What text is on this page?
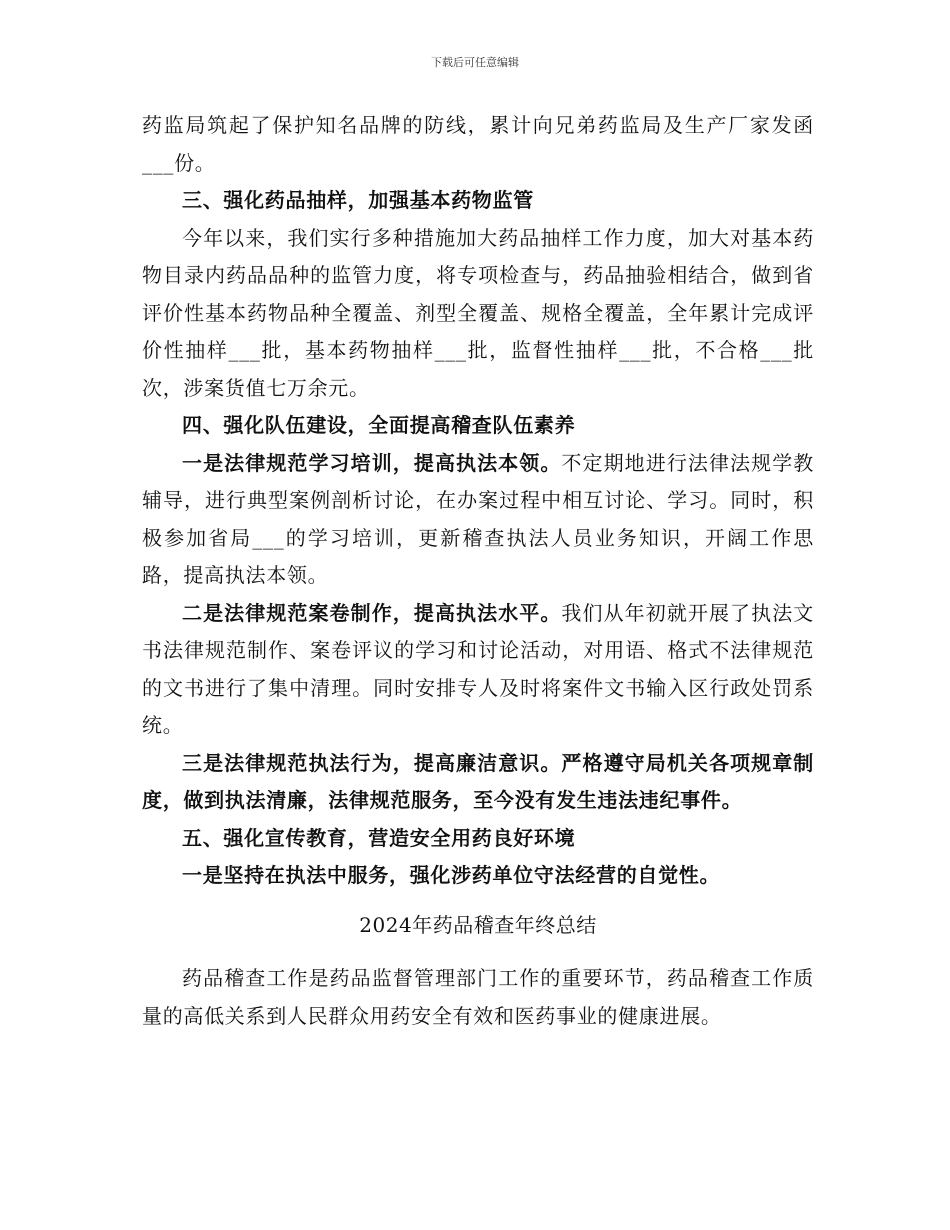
下载后可任意编辑

药监局筑起了保护知名品牌的防线，累计向兄弟药监局及生产厂家发函___份。

三、强化药品抽样，加强基本药物监管

今年以来，我们实行多种措施加大药品抽样工作力度，加大对基本药物目录内药品品种的监管力度，将专项检查与，药品抽验相结合，做到省评价性基本药物品种全覆盖、剂型全覆盖、规格全覆盖，全年累计完成评价性抽样___批，基本药物抽样___批，监督性抽样___批，不合格___批次，涉案货值七万余元。

四、强化队伍建设，全面提高稽查队伍素养

一是法律规范学习培训，提高执法本领。不定期地进行法律法规学教辅导，进行典型案例剖析讨论，在办案过程中相互讨论、学习。同时，积极参加省局___的学习培训，更新稽查执法人员业务知识，开阔工作思路，提高执法本领。

二是法律规范案卷制作，提高执法水平。我们从年初就开展了执法文书法律规范制作、案卷评议的学习和讨论活动，对用语、格式不法律规范的文书进行了集中清理。同时安排专人及时将案件文书输入区行政处罚系统。

三是法律规范执法行为，提高廉洁意识。严格遵守局机关各项规章制度，做到执法清廉，法律规范服务，至今没有发生违法违纪事件。

五、强化宣传教育，营造安全用药良好环境

一是坚持在执法中服务，强化涉药单位守法经营的自觉性。

2024年药品稽查年终总结

药品稽查工作是药品监督管理部门工作的重要环节，药品稽查工作质量的高低关系到人民群众用药安全有效和医药事业的健康进展。
